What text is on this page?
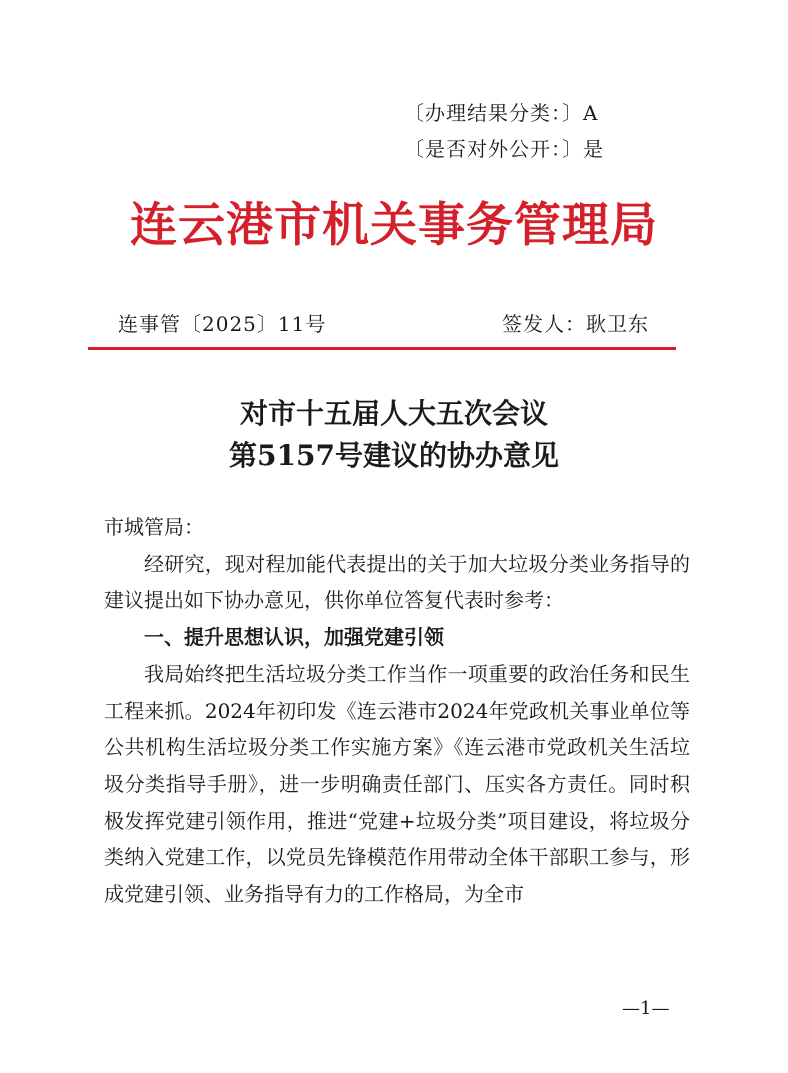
〔办理结果分类：〕A
〔是否对外公开：〕是
连云港市机关事务管理局
连事管〔2025〕11号	签发人：耿卫东
对市十五届人大五次会议
第5157号建议的协办意见

市城管局：

经研究，现对程加能代表提出的关于加大垃圾分类业务指导的建议提出如下协办意见，供你单位答复代表时参考：

一、提升思想认识，加强党建引领

我局始终把生活垃圾分类工作当作一项重要的政治任务和民生工程来抓。2024年初印发《连云港市2024年党政机关事业单位等公共机构生活垃圾分类工作实施方案》《连云港市党政机关生活垃圾分类指导手册》，进一步明确责任部门、压实各方责任。同时积极发挥党建引领作用，推进“党建+垃圾分类”项目建设，将垃圾分类纳入党建工作，以党员先锋模范作用带动全体干部职工参与，形成党建引领、业务指导有力的工作格局，为全市

—1—
